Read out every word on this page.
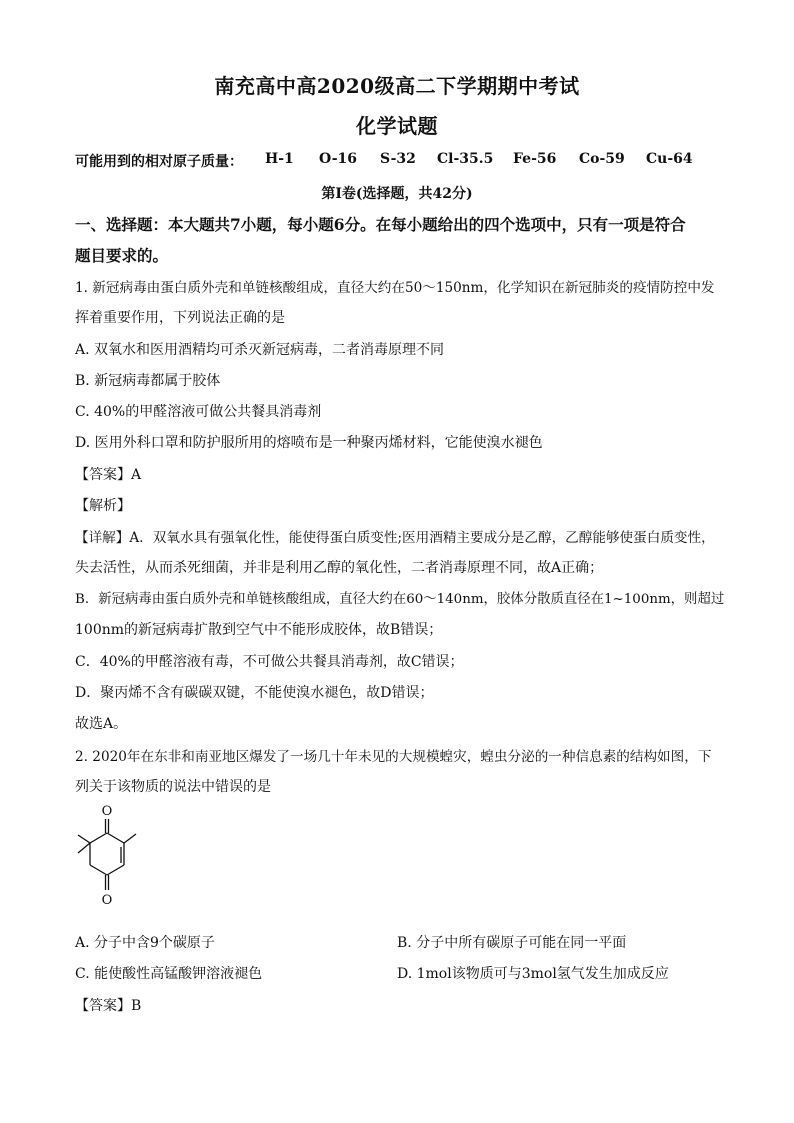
南充高中高2020级高二下学期期中考试
化学试题
可能用到的相对原子质量： H-1 O-16 S-32 Cl-35.5 Fe-56 Co-59 Cu-64
第I卷(选择题，共42分)
一、选择题：本大题共7小题，每小题6分。在每小题给出的四个选项中，只有一项是符合
题目要求的。
1. 新冠病毒由蛋白质外壳和单链核酸组成，直径大约在50～150nm，化学知识在新冠肺炎的疫情防控中发
挥着重要作用，下列说法正确的是
A. 双氧水和医用酒精均可杀灭新冠病毒，二者消毒原理不同
B. 新冠病毒都属于胶体
C. 40%的甲醛溶液可做公共餐具消毒剂
D. 医用外科口罩和防护服所用的熔喷布是一种聚丙烯材料，它能使溴水褪色
【答案】A
【解析】
【详解】A．双氧水具有强氧化性，能使得蛋白质变性;医用酒精主要成分是乙醇，乙醇能够使蛋白质变性，
失去活性，从而杀死细菌，并非是利用乙醇的氧化性，二者消毒原理不同，故A正确；
B．新冠病毒由蛋白质外壳和单链核酸组成，直径大约在60～140nm，胶体分散质直径在1~100nm，则超过
100nm的新冠病毒扩散到空气中不能形成胶体，故B错误；
C．40%的甲醛溶液有毒，不可做公共餐具消毒剂，故C错误；
D．聚丙烯不含有碳碳双键，不能使溴水褪色，故D错误；
故选A。
2. 2020年在东非和南亚地区爆发了一场几十年未见的大规模蝗灾，蝗虫分泌的一种信息素的结构如图，下
列关于该物质的说法中错误的是
O
O
A. 分子中含9个碳原子	B. 分子中所有碳原子可能在同一平面
C. 能使酸性高锰酸钾溶液褪色	D. 1mol该物质可与3mol氢气发生加成反应
【答案】B
